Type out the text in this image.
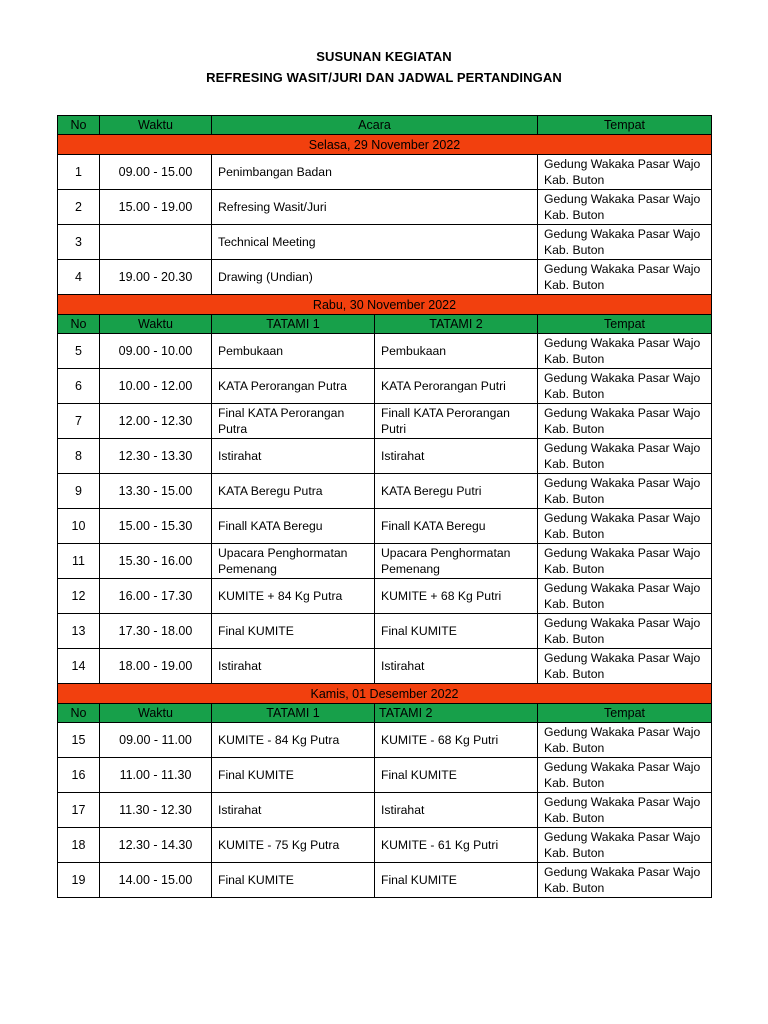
SUSUNAN KEGIATAN
REFRESING WASIT/JURI DAN JADWAL PERTANDINGAN
No	Waktu	Acara		Tempat
Selasa, 29 November 2022				
1	09.00 - 15.00	Penimbangan Badan		Gedung Wakaka Pasar Wajo Kab. Buton
2	15.00 - 19.00	Refresing Wasit/Juri		Gedung Wakaka Pasar Wajo Kab. Buton
3		Technical Meeting		Gedung Wakaka Pasar Wajo Kab. Buton
4	19.00 - 20.30	Drawing (Undian)		Gedung Wakaka Pasar Wajo Kab. Buton
Rabu, 30 November 2022				
No	Waktu	TATAMI 1	TATAMI 2	Tempat
5	09.00 - 10.00	Pembukaan	Pembukaan	Gedung Wakaka Pasar Wajo Kab. Buton
6	10.00 - 12.00	KATA Perorangan Putra	KATA Perorangan Putri	Gedung Wakaka Pasar Wajo Kab. Buton
7	12.00 - 12.30	Final KATA Perorangan Putra	Finall KATA Perorangan Putri	Gedung Wakaka Pasar Wajo Kab. Buton
8	12.30 - 13.30	Istirahat	Istirahat	Gedung Wakaka Pasar Wajo Kab. Buton
9	13.30 - 15.00	KATA Beregu Putra	KATA Beregu Putri	Gedung Wakaka Pasar Wajo Kab. Buton
10	15.00 - 15.30	Finall KATA Beregu	Finall KATA Beregu	Gedung Wakaka Pasar Wajo Kab. Buton
11	15.30 - 16.00	Upacara Penghormatan Pemenang	Upacara Penghormatan Pemenang	Gedung Wakaka Pasar Wajo Kab. Buton
12	16.00 - 17.30	KUMITE + 84 Kg Putra	KUMITE + 68 Kg Putri	Gedung Wakaka Pasar Wajo Kab. Buton
13	17.30 - 18.00	Final KUMITE	Final KUMITE	Gedung Wakaka Pasar Wajo Kab. Buton
14	18.00 - 19.00	Istirahat	Istirahat	Gedung Wakaka Pasar Wajo Kab. Buton
Kamis, 01 Desember 2022				
No	Waktu	TATAMI 1	TATAMI 2	Tempat
15	09.00 - 11.00	KUMITE - 84 Kg Putra	KUMITE - 68 Kg Putri	Gedung Wakaka Pasar Wajo Kab. Buton
16	11.00 - 11.30	Final KUMITE	Final KUMITE	Gedung Wakaka Pasar Wajo Kab. Buton
17	11.30 - 12.30	Istirahat	Istirahat	Gedung Wakaka Pasar Wajo Kab. Buton
18	12.30 - 14.30	KUMITE - 75 Kg Putra	KUMITE - 61 Kg Putri	Gedung Wakaka Pasar Wajo Kab. Buton
19	14.00 - 15.00	Final KUMITE	Final KUMITE	Gedung Wakaka Pasar Wajo Kab. Buton
